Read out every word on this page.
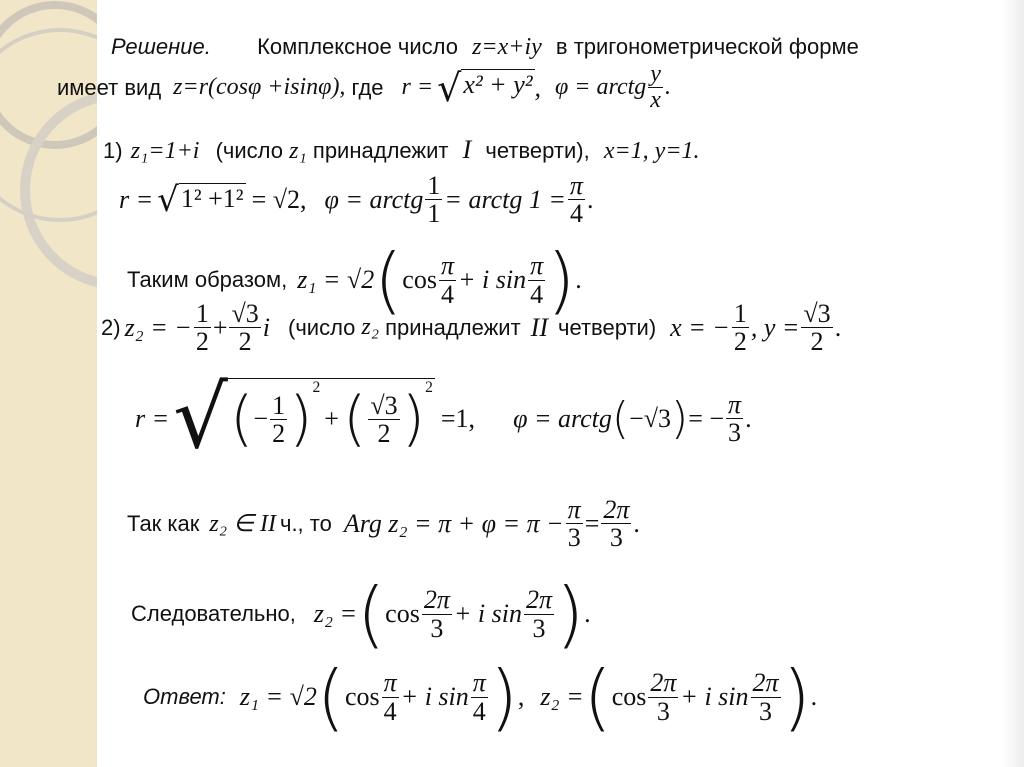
Решение. Комплексное число z=x+iy в тригонометрической форме
имеет вид z=r(cosφ +isinφ), где r = √ x² + y² , φ = arctg $\frac{y}{x}$ .
1) z₁=1+i (число z₁ принадлежит I четверти), x=1, y=1.
r = √ 1² +1² = √2, φ = arctg $\frac{1}{1}$ = arctg $1 = \frac{\pi}{4}$ .
Таким образом, z₁ = √2 ( $\cos \frac{\pi}{4} + i$ $\sin \frac{\pi}{4}$ ) .
2) z₂ = − $\frac{1}{2} + \frac{√3}{2}$ i (число z₂ принадлежит II четверти) x = − $\frac{1}{2}$ , $y = \frac{√3}{2}$ .
r = √ ( − $\frac{1}{2} )^2$
+ ( $\frac{√3}{2} )^2$
=1, φ = arctg ( −√3 ) = − $\frac{\pi}{3}$ .
Так как z₂ ∈ II ч., то Arg $z_2 = \pi + \varphi = \pi - \frac{\pi}{3} = \frac{2\pi}{3}$ .
Следовательно, z₂ = ( $\cos \frac{2\pi}{3} + i$ $\sin \frac{2\pi}{3}$ ) .
Ответ: z₁ = √2 ( $\cos \frac{\pi}{4} + i$ $\sin \frac{\pi}{4}$ ) , z₂ = ( $\cos \frac{2\pi}{3} + i$ $\sin \frac{2\pi}{3}$ ) .
